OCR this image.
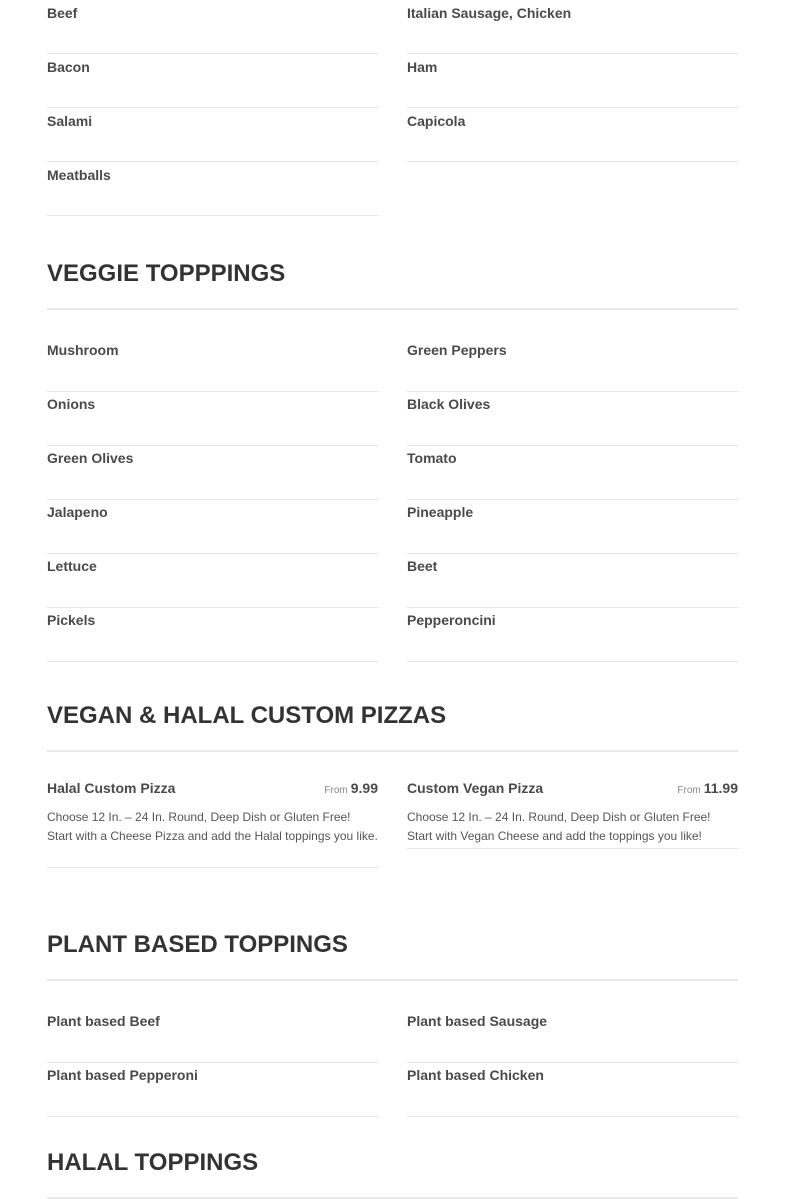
Beef
Bacon
Salami
Meatballs
Italian Sausage, Chicken
Ham
Capicola
VEGGIE TOPPPINGS
Mushroom
Onions
Green Olives
Jalapeno
Lettuce
Pickels
Green Peppers
Black Olives
Tomato
Pineapple
Beet
Pepperoncini
VEGAN & HALAL CUSTOM PIZZAS
Halal Custom Pizza	From 9.99

Choose 12 In. – 24 In. Round, Deep Dish or Gluten Free! Start with a Cheese Pizza and add the Halal toppings you like.

Custom Vegan Pizza	From 11.99

Choose 12 In. – 24 In. Round, Deep Dish or Gluten Free! Start with Vegan Cheese and add the toppings you like!

PLANT BASED TOPPINGS
Plant based Beef
Plant based Pepperoni
Plant based Sausage
Plant based Chicken
HALAL TOPPINGS
